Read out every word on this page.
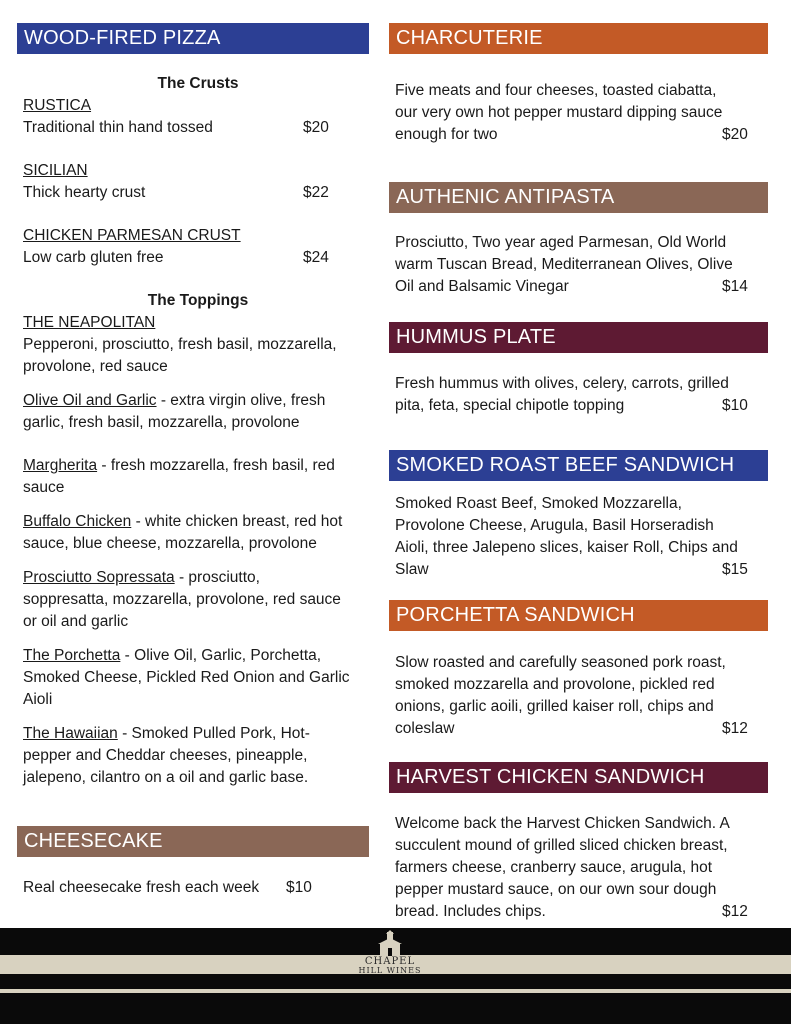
WOOD-FIRED PIZZA
The Crusts
RUSTICA
Traditional thin hand tossed	$20
SICILIAN
Thick hearty crust	$22
CHICKEN PARMESAN CRUST
Low carb gluten free	$24
The Toppings
THE NEAPOLITAN
Pepperoni, prosciutto, fresh basil, mozzarella,
provolone, red sauce
Olive Oil and Garlic - extra virgin olive, fresh
garlic, fresh basil, mozzarella, provolone
Margherita - fresh mozzarella, fresh basil, red
sauce
Buffalo Chicken - white chicken breast, red hot
sauce, blue cheese, mozzarella, provolone
Prosciutto Sopressata - prosciutto,
soppresatta, mozzarella, provolone, red sauce
or oil and garlic
The Porchetta - Olive Oil, Garlic, Porchetta,
Smoked Cheese, Pickled Red Onion and Garlic
Aioli
The Hawaiian - Smoked Pulled Pork, Hot-
pepper and Cheddar cheeses, pineapple,
jalepeno, cilantro on a oil and garlic base.
CHEESECAKE
Real cheesecake fresh each week $10
CHARCUTERIE
Five meats and four cheeses, toasted ciabatta,
our very own hot pepper mustard dipping sauce
enough for two	$20
AUTHENIC ANTIPASTA
Prosciutto, Two year aged Parmesan, Old World
warm Tuscan Bread, Mediterranean Olives, Olive
Oil and Balsamic Vinegar	$14
HUMMUS PLATE
Fresh hummus with olives, celery, carrots, grilled
pita, feta, special chipotle topping	$10
SMOKED ROAST BEEF SANDWICH
Smoked Roast Beef, Smoked Mozzarella,
Provolone Cheese, Arugula, Basil Horseradish
Aioli, three Jalepeno slices, kaiser Roll, Chips and
Slaw	$15
PORCHETTA SANDWICH
Slow roasted and carefully seasoned pork roast,
smoked mozzarella and provolone, pickled red
onions, garlic aoili, grilled kaiser roll, chips and
coleslaw	$12
HARVEST CHICKEN SANDWICH
Welcome back the Harvest Chicken Sandwich. A
succulent mound of grilled sliced chicken breast,
farmers cheese, cranberry sauce, arugula, hot
pepper mustard sauce, on our own sour dough
bread. Includes chips.	$12
CHAPEL
HILL WINES
